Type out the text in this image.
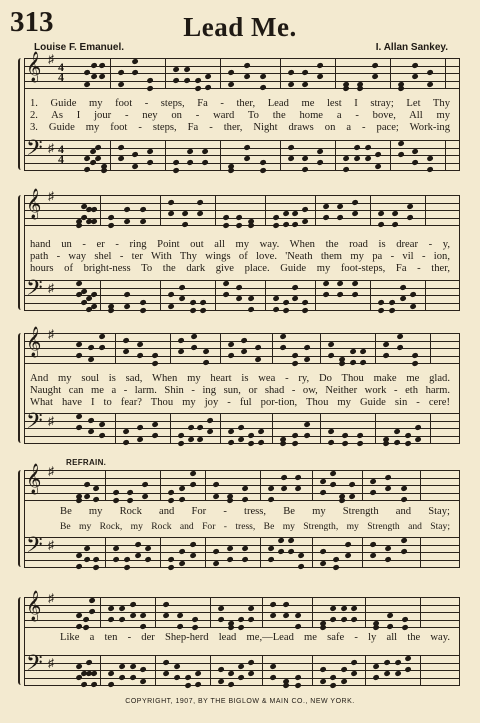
313	Lead Me.
Louise F. Emanuel.	I. Allan Sankey.
𝄞 ♯
4
4
𝄢 ♯ 4
4
𝄞 ♯
𝄢 ♯
𝄞 ♯
𝄢 ♯
𝄞 ♯
𝄢 ♯
𝄞 ♯
𝄢 ♯
1. Guide my foot - steps, Fa - ther, Lead me lest I stray; Let Thy
2. As I jour - ney on - ward To the home a - bove, All my
3. Guide my foot - steps, Fa - ther, Night draws on a - pace; Work-ing
hand un - er - ring Point out all my way. When the road is drear - y,
path - way shel - ter With Thy wings of love. 'Neath them my pa - vil - ion,
hours of bright-ness To the dark give place. Guide my foot-steps, Fa - ther,
And my soul is sad, When my heart is wea - ry, Do Thou make me glad.
Naught can me a - larm. Shin - ing sun, or shad - ow, Neither work - eth harm.
What have I to fear? Thou my joy - ful por-tion, Thou my Guide sin - cere!
REFRAIN.
Be my Rock and For - tress, Be my Strength and Stay;
Be my Rock, my Rock and For - tress, Be my Strength, my Strength and Stay;
Like a ten - der Shep-herd lead me,—Lead me safe - ly all the way.
COPYRIGHT, 1907, BY THE BIGLOW & MAIN CO., NEW YORK.
